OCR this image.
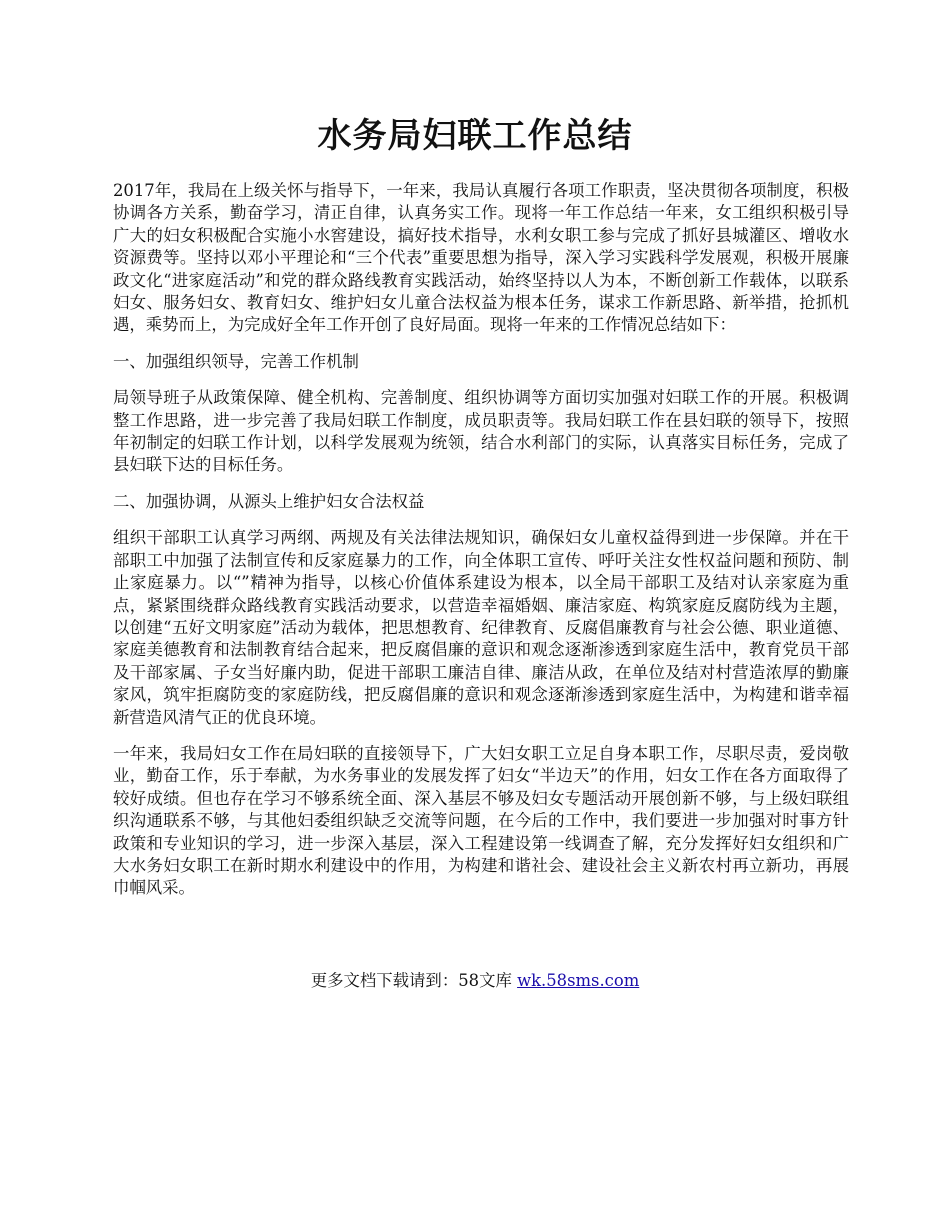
水务局妇联工作总结

2017年，我局在上级关怀与指导下，一年来，我局认真履行各项工作职责，坚决贯彻各项制度，积极协调各方关系，勤奋学习，清正自律，认真务实工作。现将一年工作总结一年来，女工组织积极引导广大的妇女积极配合实施小水窖建设，搞好技术指导，水利女职工参与完成了抓好县城灌区、增收水资源费等。坚持以邓小平理论和“三个代表”重要思想为指导，深入学习实践科学发展观，积极开展廉政文化“进家庭活动”和党的群众路线教育实践活动，始终坚持以人为本，不断创新工作载体，以联系妇女、服务妇女、教育妇女、维护妇女儿童合法权益为根本任务，谋求工作新思路、新举措，抢抓机遇，乘势而上，为完成好全年工作开创了良好局面。现将一年来的工作情况总结如下：

一、加强组织领导，完善工作机制

局领导班子从政策保障、健全机构、完善制度、组织协调等方面切实加强对妇联工作的开展。积极调整工作思路，进一步完善了我局妇联工作制度，成员职责等。我局妇联工作在县妇联的领导下，按照年初制定的妇联工作计划，以科学发展观为统领，结合水利部门的实际，认真落实目标任务，完成了县妇联下达的目标任务。

二、加强协调，从源头上维护妇女合法权益

组织干部职工认真学习两纲、两规及有关法律法规知识，确保妇女儿童权益得到进一步保障。并在干部职工中加强了法制宣传和反家庭暴力的工作，向全体职工宣传、呼吁关注女性权益问题和预防、制止家庭暴力。以“”精神为指导，以核心价值体系建设为根本，以全局干部职工及结对认亲家庭为重点，紧紧围绕群众路线教育实践活动要求，以营造幸福婚姻、廉洁家庭、构筑家庭反腐防线为主题，以创建“五好文明家庭”活动为载体，把思想教育、纪律教育、反腐倡廉教育与社会公德、职业道德、家庭美德教育和法制教育结合起来，把反腐倡廉的意识和观念逐渐渗透到家庭生活中，教育党员干部及干部家属、子女当好廉内助，促进干部职工廉洁自律、廉洁从政，在单位及结对村营造浓厚的勤廉家风，筑牢拒腐防变的家庭防线，把反腐倡廉的意识和观念逐渐渗透到家庭生活中，为构建和谐幸福新营造风清气正的优良环境。

一年来，我局妇女工作在局妇联的直接领导下，广大妇女职工立足自身本职工作，尽职尽责，爱岗敬业，勤奋工作，乐于奉献，为水务事业的发展发挥了妇女“半边天”的作用，妇女工作在各方面取得了较好成绩。但也存在学习不够系统全面、深入基层不够及妇女专题活动开展创新不够，与上级妇联组织沟通联系不够，与其他妇委组织缺乏交流等问题，在今后的工作中，我们要进一步加强对时事方针政策和专业知识的学习，进一步深入基层，深入工程建设第一线调查了解，充分发挥好妇女组织和广大水务妇女职工在新时期水利建设中的作用，为构建和谐社会、建设社会主义新农村再立新功，再展巾帼风采。

更多文档下载请到：58文库 wk.58sms.com
